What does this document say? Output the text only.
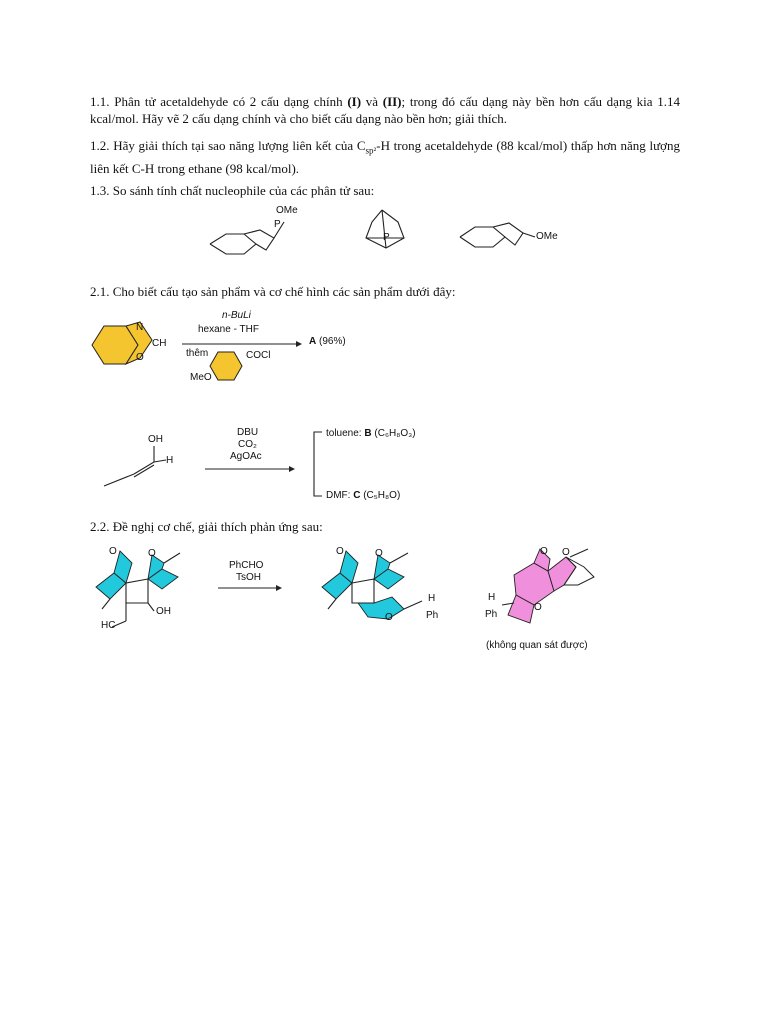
1.1. Phân tử acetaldehyde có 2 cấu dạng chính (I) và (II); trong đó cấu dạng này bền hơn cấu dạng kia 1.14 kcal/mol. Hãy vẽ 2 cấu dạng chính và cho biết cấu dạng nào bền hơn; giải thích.
1.2. Hãy giải thích tại sao năng lượng liên kết của $C_{sp^2}-H$ trong acetaldehyde (88 kcal/mol) thấp hơn năng lượng liên kết C-H trong ethane (98 kcal/mol).
1.3. So sánh tính chất nucleophile của các phân tử sau:
OMe
P
P	OMe
2.1. Cho biết cấu tạo sản phẩm và cơ chế hình các sản phẩm dưới đây:
N
CH
O
n-BuLi
hexane - THF
thêm	COCl
MeO
A (96%)
OH
H
DBU
CO₂
AgOAc
toluene: B (C₆H₈O₃)
DMF: C (C₅H₈O)
2.2. Đề nghị cơ chế, giải thích phản ứng sau:
O	O
HC
OH
PhCHO
TsOH
O	O
O
H
Ph
O O
O
H
Ph
(không quan sát được)
